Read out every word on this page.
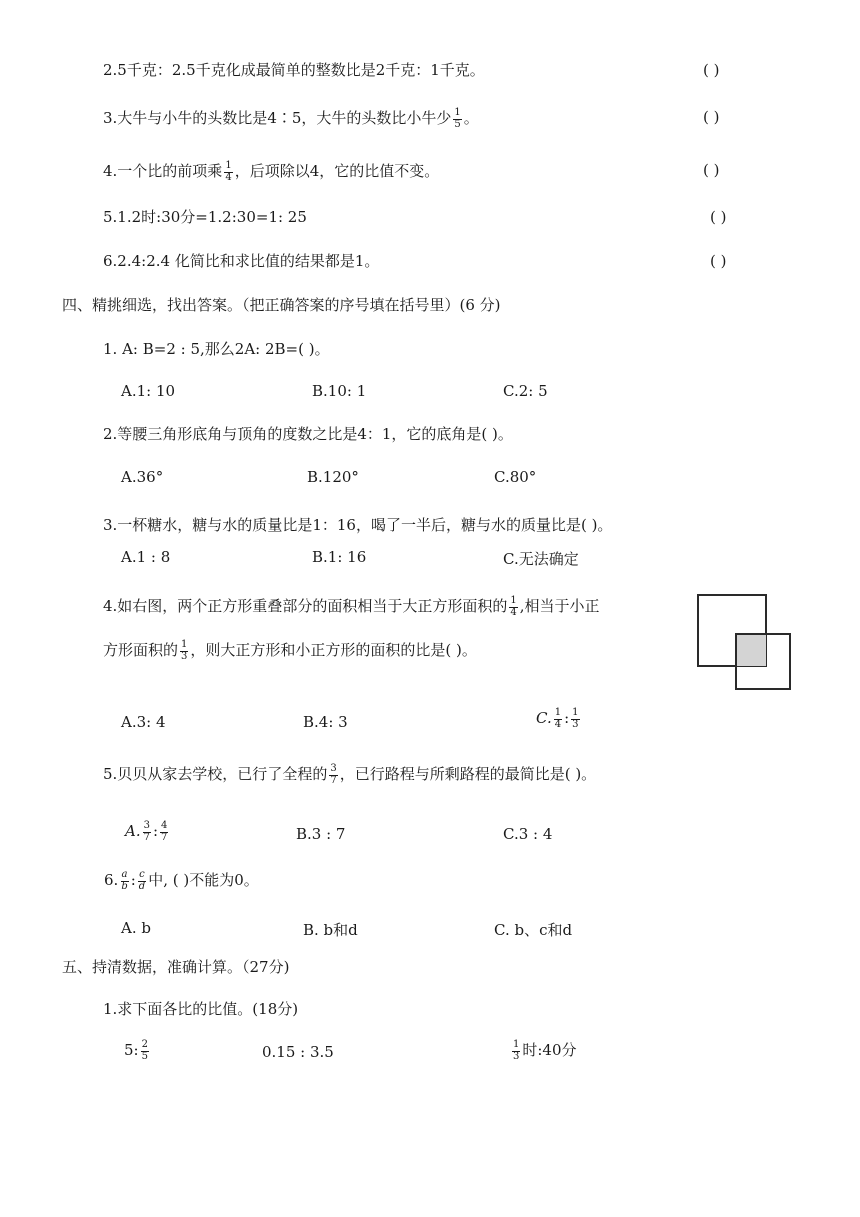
2.5千克：2.5千克化成最简单的整数比是2千克：1千克。	( )
3.大牛与小牛的头数比是4∶5，大牛的头数比小牛少 $\frac{1}{5}$ 。	( )
4.一个比的前项乘 $\frac{1}{4}$ ，后项除以4，它的比值不变。	( )
5.1.2时:30分=1.2:30=1: 25	( )
6.2.4:2.4 化简比和求比值的结果都是1。	( )
四、精挑细选，找出答案。（把正确答案的序号填在括号里）(6 分)
1. A: B=2 : 5,那么2A: 2B=( )。
A.1: 10	B.10: 1	C.2: 5
2.等腰三角形底角与顶角的度数之比是4：1，它的底角是( )。
A.36°	B.120°	C.80°
3.一杯糖水，糖与水的质量比是1：16，喝了一半后，糖与水的质量比是( )。
A.1 : 8	B.1: 16	C.无法确定
4.如右图，两个正方形重叠部分的面积相当于大正方形面积的 $\frac{1}{4}$ ,相当于小正
方形面积的 $\frac{1}{3}$ ，则大正方形和小正方形的面积的比是( )。
A.3: 4	B.4: 3	C. $\frac{1}{4}$ : $\frac{1}{3}$
5.贝贝从家去学校，已行了全程的 $\frac{3}{7}$ ，已行路程与所剩路程的最简比是( )。
A. $\frac{3}{7}$ : $\frac{4}{7}$	B.3 : 7	C.3 : 4
6. $\frac{a}{b}$ : $\frac{c}{d}$ 中, ( )不能为0。
A. b	B. b和d	C. b、c和d
五、持清数据，准确计算。（27分)
1.求下面各比的比值。(18分)
5: $\frac{2}{5}$	0.15 : 3.5	$\frac{1}{3}$ 时:40分
